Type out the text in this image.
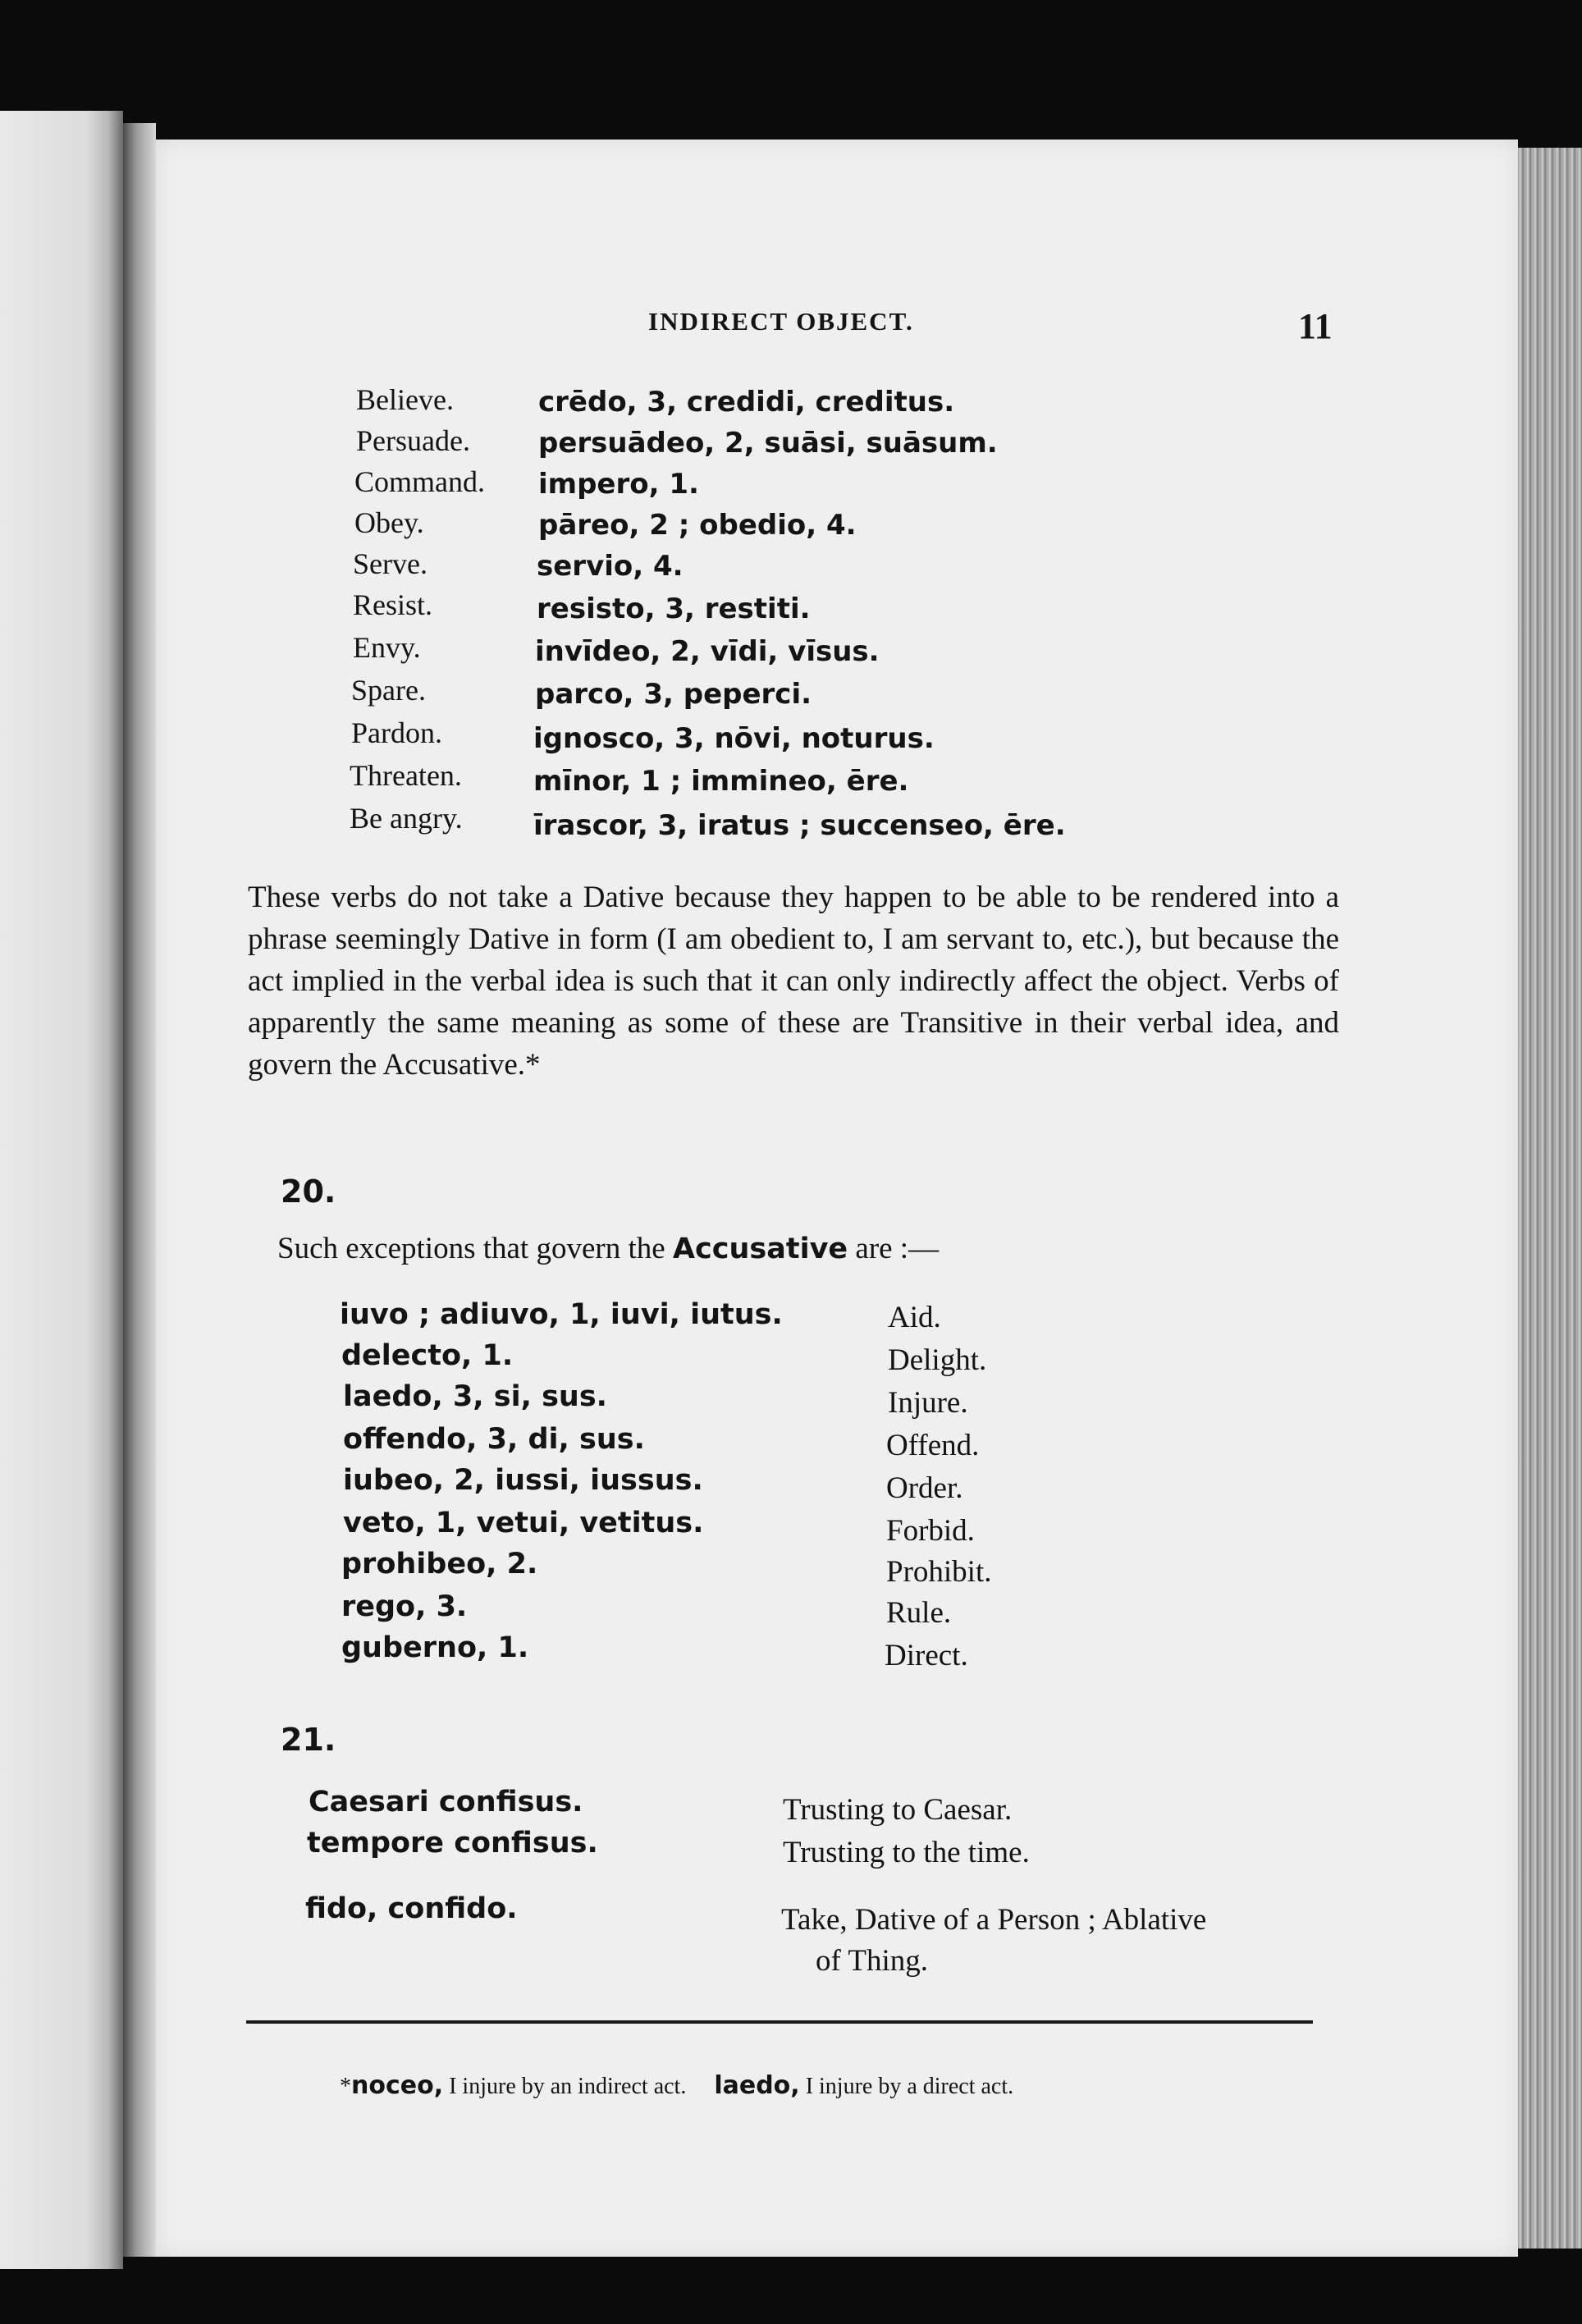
INDIRECT OBJECT.	11
Believe.	crēdo, 3, credidi, creditus.
Persuade. persuādeo, 2, suāsi, suāsum.
Command. impero, 1.
Obey.	pāreo, 2 ; obedio, 4.
Serve.	servio, 4.
Resist.	resisto, 3, restiti.
Envy.	invīdeo, 2, vīdi, vīsus.
Spare.	parco, 3, peperci.
Pardon.	ignosco, 3, nōvi, noturus.
Threaten.	mīnor, 1 ; immineo, ēre.
Be angry.	īrascor, 3, iratus ; succenseo, ēre.
These verbs do not take a Dative because they happen to be able to be rendered into a phrase seemingly Dative in form (I am obedient to, I am servant to, etc.), but because the act implied in the verbal idea is such that it can only indirectly affect the object. Verbs of apparently the same meaning as some of these are Transitive in their verbal idea, and govern the Accusative.*
20.
Such exceptions that govern the Accusative are :—
iuvo ; adiuvo, 1, iuvi, iutus.	Aid.
delecto, 1.	Delight.
laedo, 3, si, sus.	Injure.
offendo, 3, di, sus.	Offend.
iubeo, 2, iussi, iussus.	Order.
veto, 1, vetui, vetitus.	Forbid.
prohibeo, 2.	Prohibit.
rego, 3.	Rule.
guberno, 1.	Direct.
21.
Caesari confisus.	Trusting to Caesar.
tempore confisus.	Trusting to the time.
fido, confido.	Take, Dative of a Person ; Ablative
of Thing.
*noceo, I injure by an indirect act. laedo, I injure by a direct act.
